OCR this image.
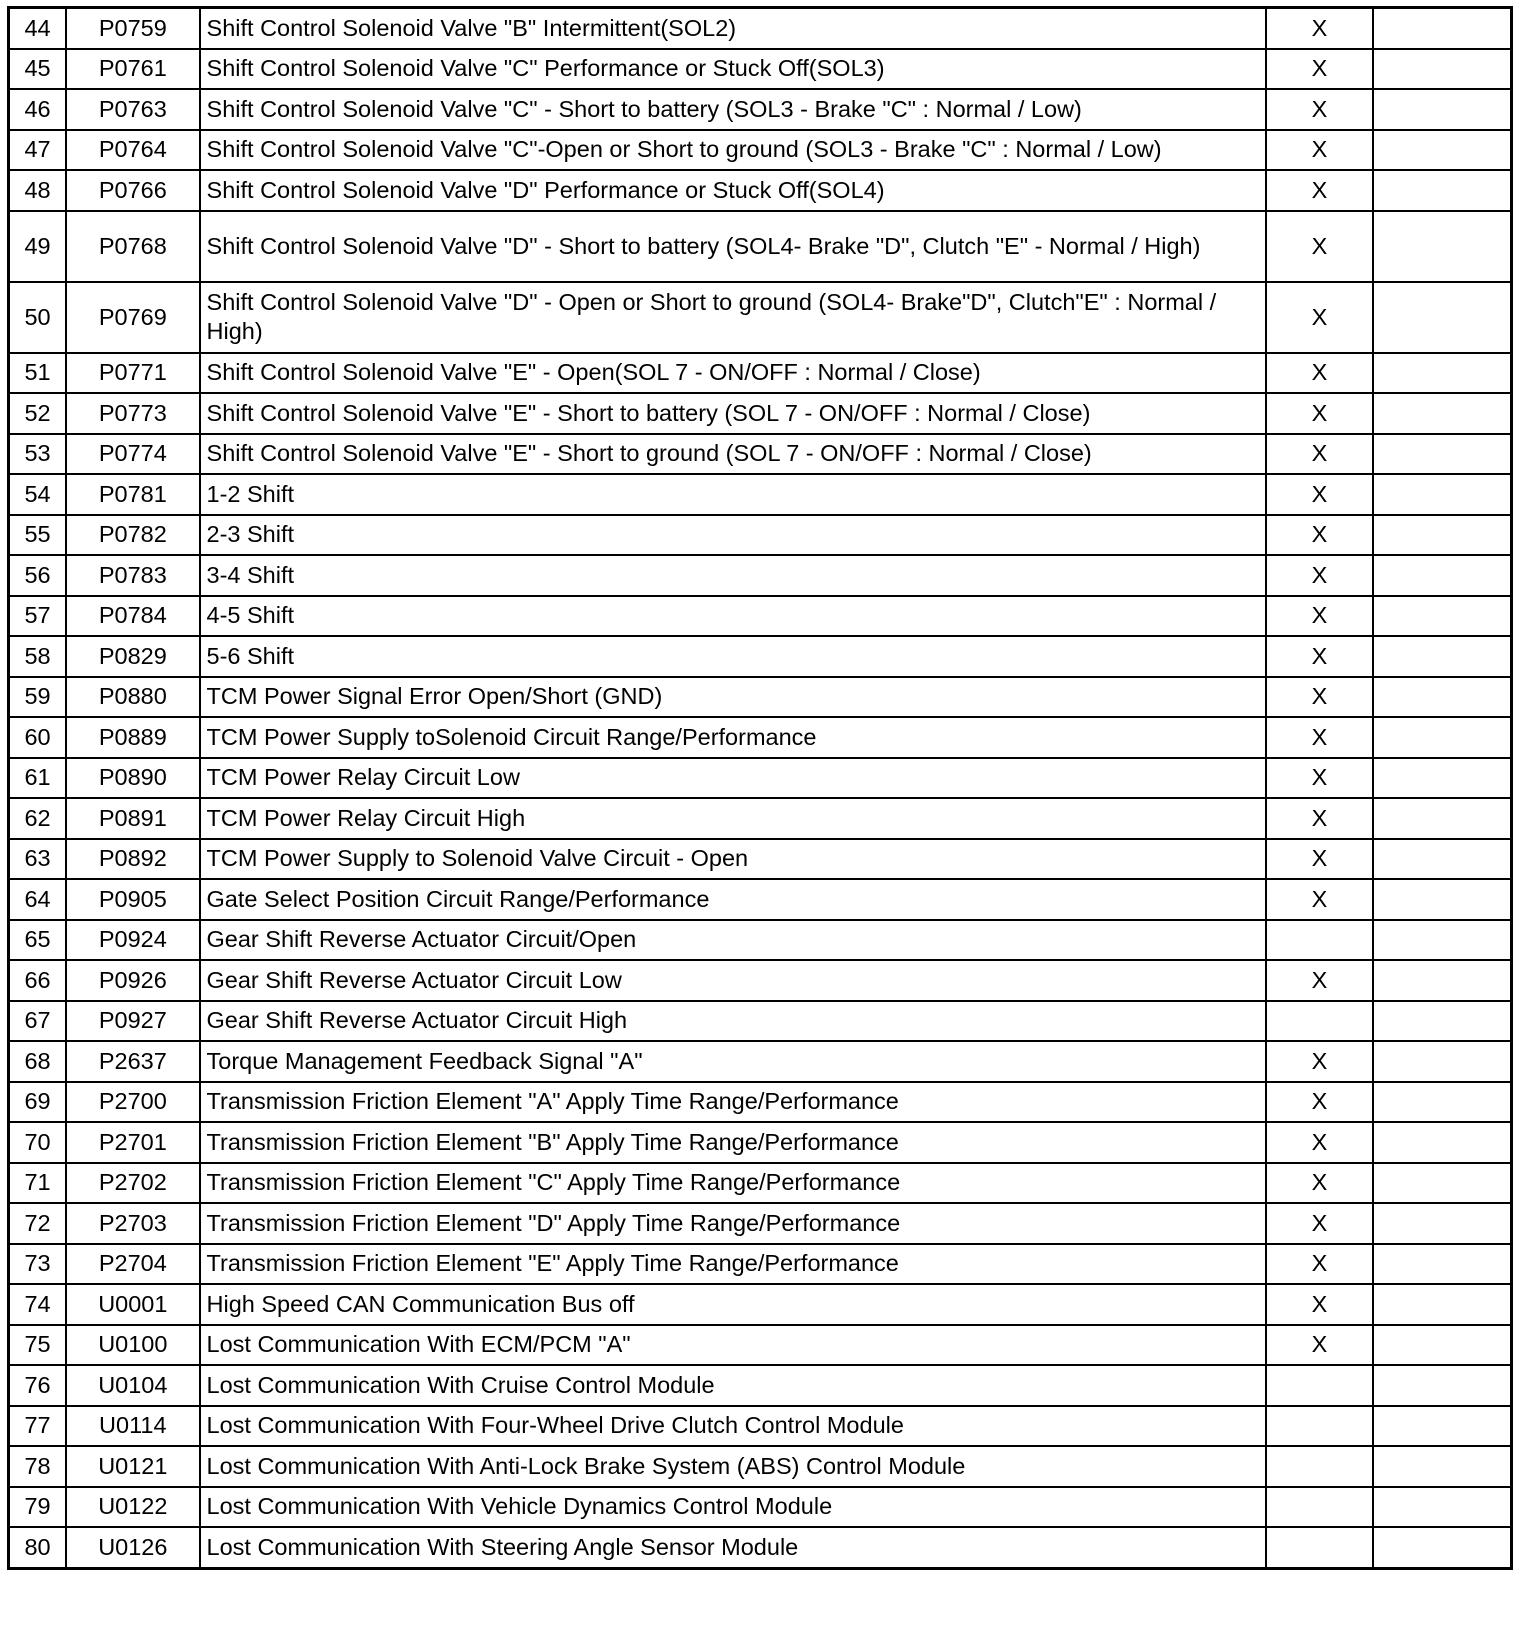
44	P0759	Shift Control Solenoid Valve "B" Intermittent(SOL2)	X	
45	P0761	Shift Control Solenoid Valve "C" Performance or Stuck Off(SOL3)	X	
46	P0763	Shift Control Solenoid Valve "C" - Short to battery (SOL3 - Brake "C" : Normal / Low)	X	
47	P0764	Shift Control Solenoid Valve "C"-Open or Short to ground (SOL3 - Brake "C" : Normal / Low)	X	
48	P0766	Shift Control Solenoid Valve "D" Performance or Stuck Off(SOL4)	X	
49	P0768	Shift Control Solenoid Valve "D" - Short to battery (SOL4- Brake "D", Clutch "E" - Normal / High)	X	
50	P0769	Shift Control Solenoid Valve "D" - Open or Short to ground (SOL4- Brake"D", Clutch"E" : Normal / High)	X	
51	P0771	Shift Control Solenoid Valve "E" - Open(SOL 7 - ON/OFF : Normal / Close)	X	
52	P0773	Shift Control Solenoid Valve "E" - Short to battery (SOL 7 - ON/OFF : Normal / Close)	X	
53	P0774	Shift Control Solenoid Valve "E" - Short to ground (SOL 7 - ON/OFF : Normal / Close)	X	
54	P0781	1-2 Shift	X	
55	P0782	2-3 Shift	X	
56	P0783	3-4 Shift	X	
57	P0784	4-5 Shift	X	
58	P0829	5-6 Shift	X	
59	P0880	TCM Power Signal Error Open/Short (GND)	X	
60	P0889	TCM Power Supply toSolenoid Circuit Range/Performance	X	
61	P0890	TCM Power Relay Circuit Low	X	
62	P0891	TCM Power Relay Circuit High	X	
63	P0892	TCM Power Supply to Solenoid Valve Circuit - Open	X	
64	P0905	Gate Select Position Circuit Range/Performance	X	
65	P0924	Gear Shift Reverse Actuator Circuit/Open		
66	P0926	Gear Shift Reverse Actuator Circuit Low	X	
67	P0927	Gear Shift Reverse Actuator Circuit High		
68	P2637	Torque Management Feedback Signal "A"	X	
69	P2700	Transmission Friction Element "A" Apply Time Range/Performance	X	
70	P2701	Transmission Friction Element "B" Apply Time Range/Performance	X	
71	P2702	Transmission Friction Element "C" Apply Time Range/Performance	X	
72	P2703	Transmission Friction Element "D" Apply Time Range/Performance	X	
73	P2704	Transmission Friction Element "E" Apply Time Range/Performance	X	
74	U0001	High Speed CAN Communication Bus off	X	
75	U0100	Lost Communication With ECM/PCM "A"	X	
76	U0104	Lost Communication With Cruise Control Module		
77	U0114	Lost Communication With Four-Wheel Drive Clutch Control Module		
78	U0121	Lost Communication With Anti-Lock Brake System (ABS) Control Module		
79	U0122	Lost Communication With Vehicle Dynamics Control Module		
80	U0126	Lost Communication With Steering Angle Sensor Module		
